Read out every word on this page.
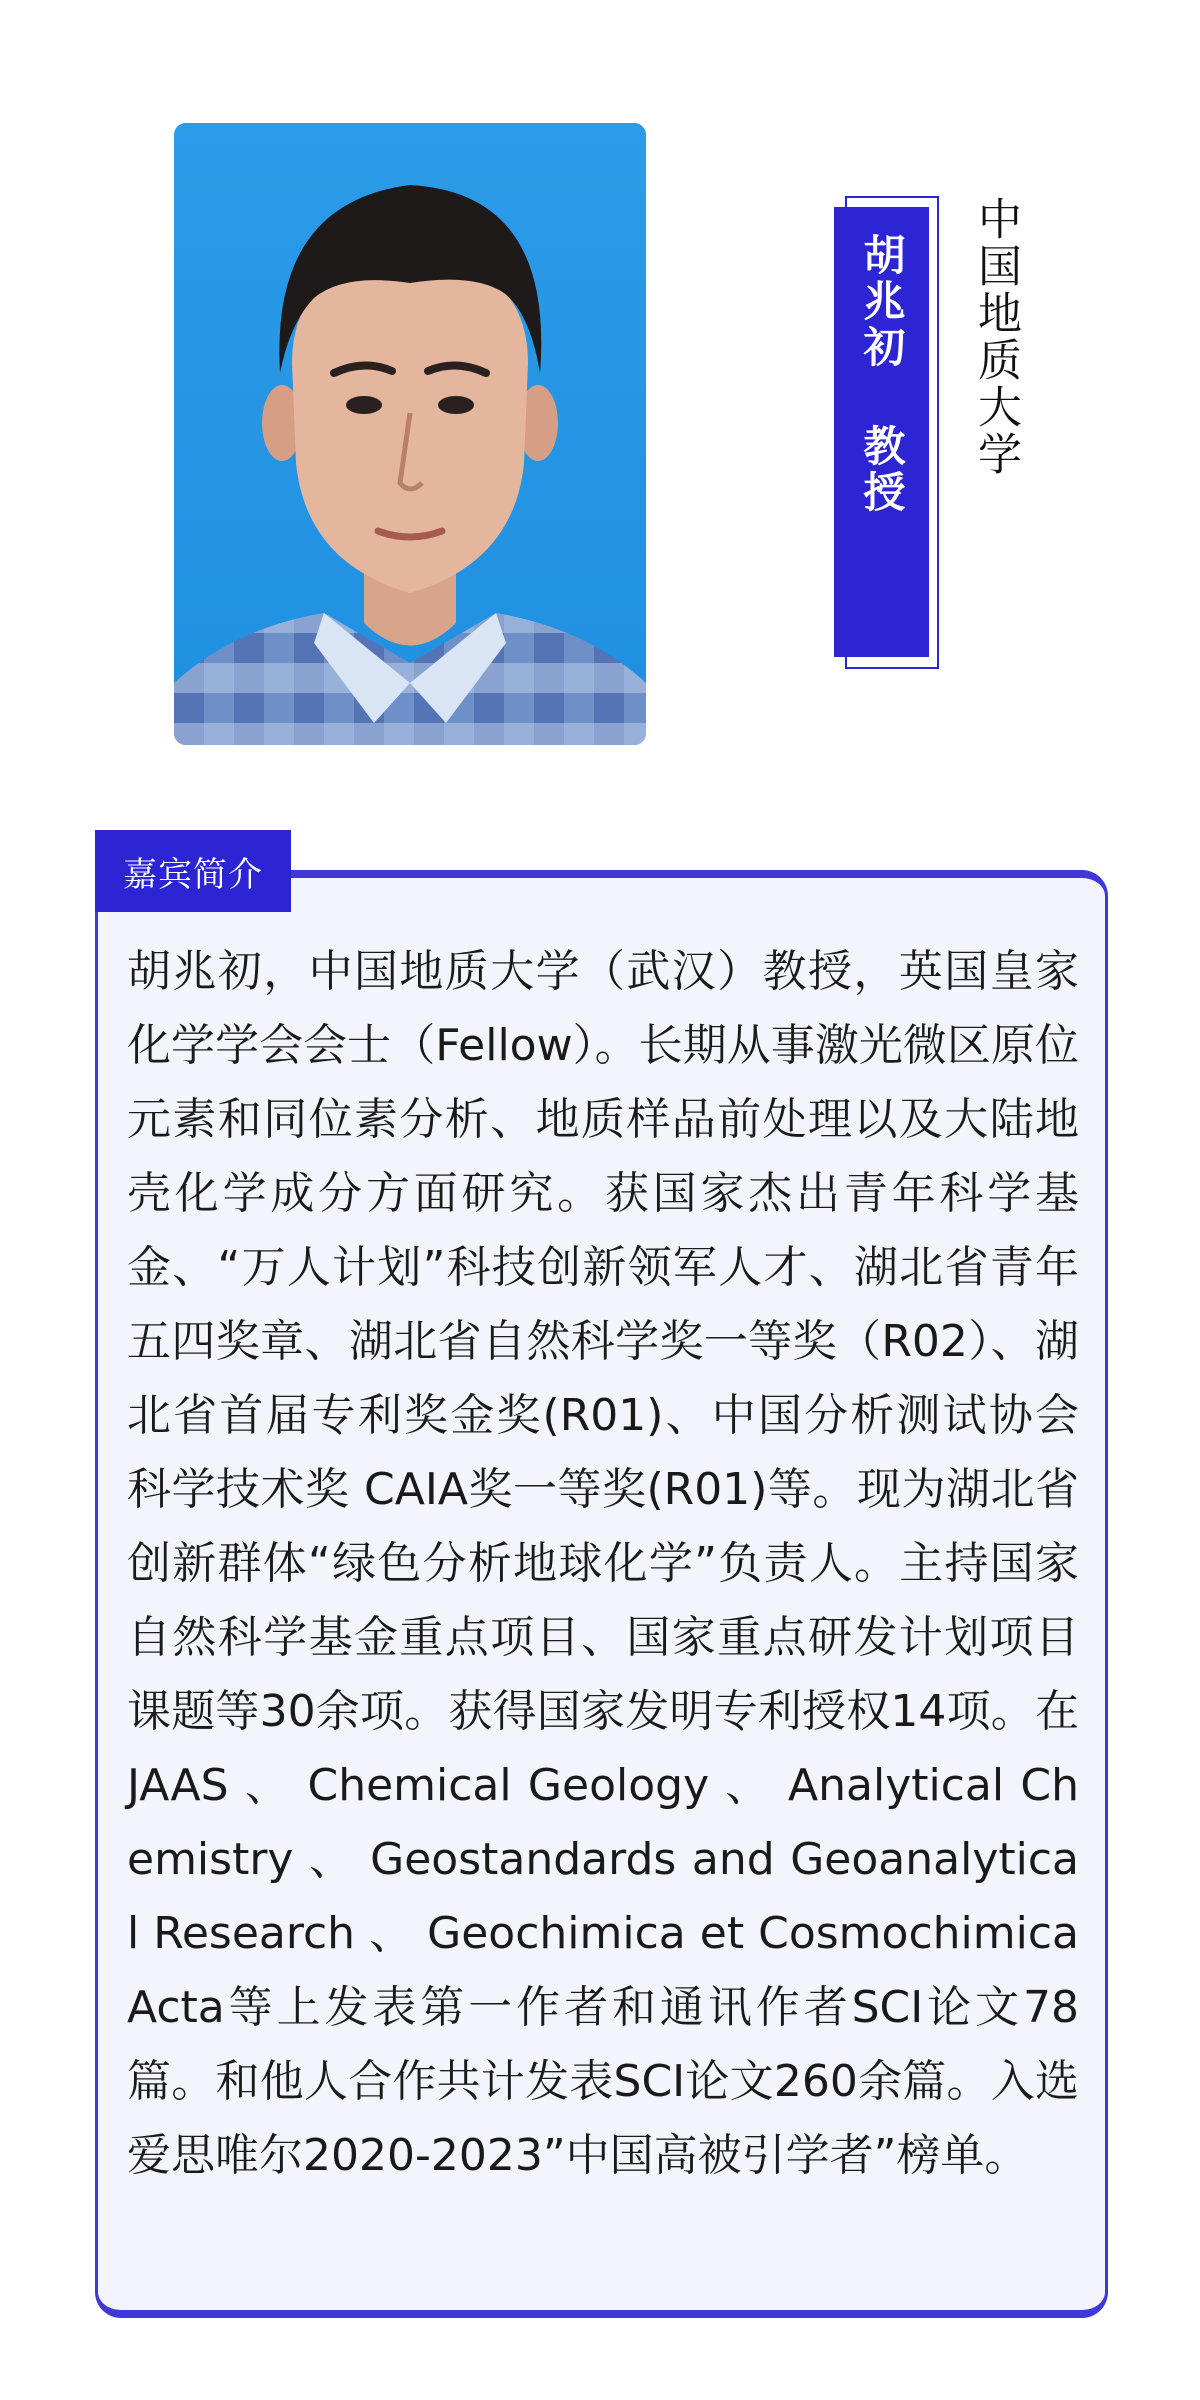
胡兆初 教授 中国地质大学
嘉宾简介

胡兆初，中国地质大学（武汉）教授，英国皇家化学学会会士（Fellow）。长期从事激光微区原位元素和同位素分析、地质样品前处理以及大陆地壳化学成分方面研究。获国家杰出青年科学基金、“万人计划”科技创新领军人才、湖北省青年五四奖章、湖北省自然科学奖一等奖（R02）、湖北省首届专利奖金奖(R01)、中国分析测试协会科学技术奖 CAIA奖一等奖(R01)等。现为湖北省创新群体“绿色分析地球化学”负责人。主持国家自然科学基金重点项目、国家重点研发计划项目课题等30余项。获得国家发明专利授权14项。在JAAS 、 Chemical Geology 、 Analytical Chemistry 、 Geostandards and Geoanalytical Research 、 Geochimica et Cosmochimica Acta等上发表第一作者和通讯作者SCI论文78篇。和他人合作共计发表SCI论文260余篇。入选爱思唯尔2020-2023”中国高被引学者”榜单。
